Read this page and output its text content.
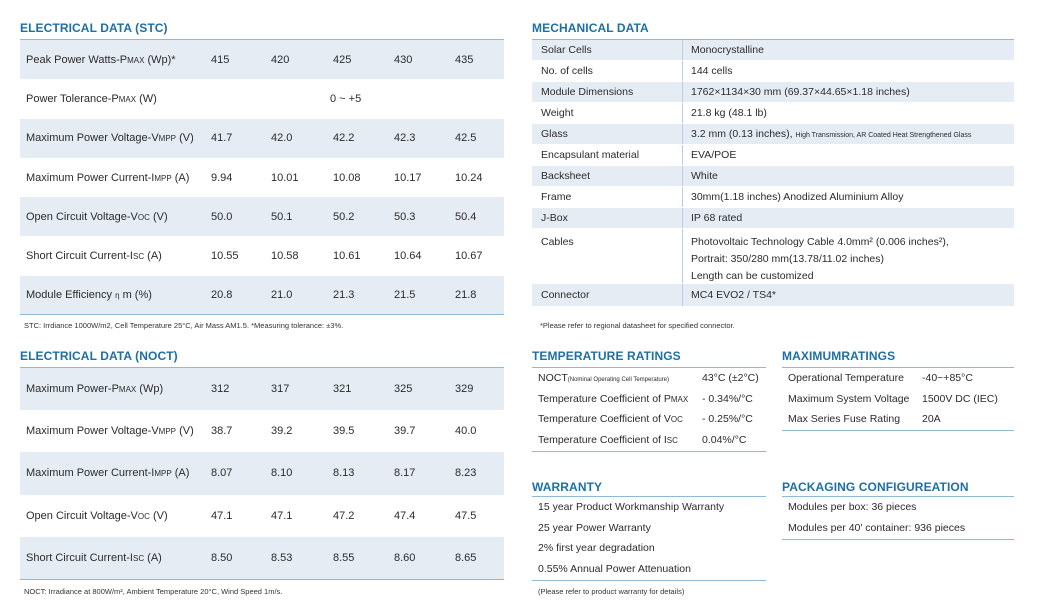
ELECTRICAL DATA (STC)
Peak Power Watts-PMAX (Wp)*	415	420	425	430	435
Power Tolerance-PMAX (W)	0 ~ +5
Maximum Power Voltage-VMPP (V) 41.7	42.0	42.2	42.3	42.5
Maximum Power Current-IMPP (A) 9.94	10.01	10.08	10.17	10.24
Open Circuit Voltage-VOC (V)	50.0	50.1	50.2	50.3	50.4
Short Circuit Current-ISC (A)	10.55	10.58	10.61	10.64	10.67
Module Efficiency η m (%)	20.8	21.0	21.3	21.5	21.8
STC: Irrdiance 1000W/m2, Cell Temperature 25°C, Air Mass AM1.5. *Measuring tolerance: ±3%.
ELECTRICAL DATA (NOCT)
Maximum Power-PMAX (Wp)	312	317	321	325	329
Maximum Power Voltage-VMPP (V) 38.7	39.2	39.5	39.7	40.0
Maximum Power Current-IMPP (A) 8.07	8.10	8.13	8.17	8.23
Open Circuit Voltage-VOC (V)	47.1	47.1	47.2	47.4	47.5
Short Circuit Current-ISC (A)	8.50	8.53	8.55	8.60	8.65
NOCT: Irradiance at 800W/m², Ambient Temperature 20°C, Wind Speed 1m/s.
MECHANICAL DATA
Solar Cells	Monocrystalline
No. of cells	144 cells
Module Dimensions	1762×1134×30 mm (69.37×44.65×1.18 inches)
Weight	21.8 kg (48.1 lb)
Glass	3.2 mm (0.13 inches), High Transmission, AR Coated Heat Strengthened Glass
Encapsulant material	EVA/POE
Backsheet	White
Frame	30mm(1.18 inches) Anodized Aluminium Alloy
J-Box	IP 68 rated
Cables	Photovoltaic Technology Cable 4.0mm² (0.006 inches²),
Portrait: 350/280 mm(13.78/11.02 inches)
Length can be customized
Connector	MC4 EVO2 / TS4*
*Please refer to regional datasheet for specified connector.
TEMPERATURE RATINGS
NOCT(Nominal Operating Cell Temperature)	43°C (±2°C)
Temperature Coefficient of PMAX - 0.34%/°C
Temperature Coefficient of VOC - 0.25%/°C
Temperature Coefficient of ISC 0.04%/°C
MAXIMUMRATINGS
Operational Temperature -40~+85°C
Maximum System Voltage 1500V DC (IEC)
Max Series Fuse Rating 20A
WARRANTY
15 year Product Workmanship Warranty
25 year Power Warranty
2% first year degradation
0.55% Annual Power Attenuation
(Please refer to product warranty for details)
PACKAGING CONFIGUREATION
Modules per box: 36 pieces
Modules per 40' container: 936 pieces
